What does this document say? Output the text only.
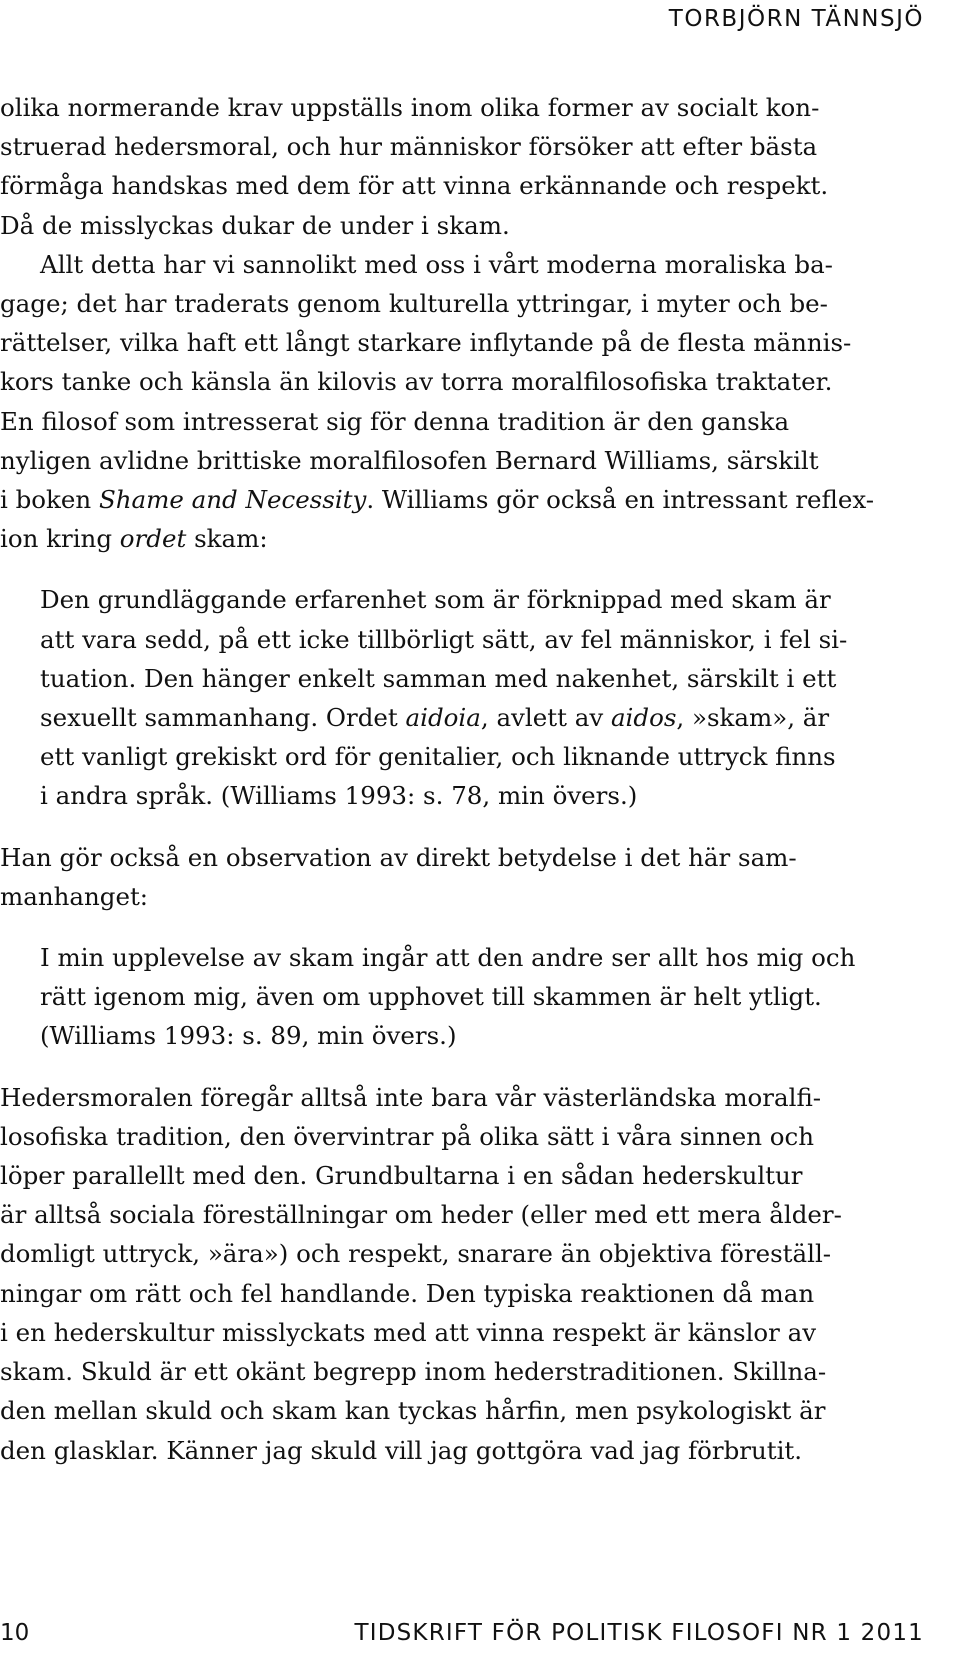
TORBJÖRN TÄNNSJÖ
olika normerande krav uppställs inom olika former av socialt kon-
struerad hedersmoral, och hur människor försöker att efter bästa
förmåga handskas med dem för att vinna erkännande och respekt.
Då de misslyckas dukar de under i skam.
Allt detta har vi sannolikt med oss i vårt moderna moraliska ba-
gage; det har traderats genom kulturella yttringar, i myter och be-
rättelser, vilka haft ett långt starkare inflytande på de flesta männis-
kors tanke och känsla än kilovis av torra moralfilosofiska traktater.
En filosof som intresserat sig för denna tradition är den ganska
nyligen avlidne brittiske moralfilosofen Bernard Williams, särskilt
i boken Shame and Necessity. Williams gör också en intressant reflex-
ion kring ordet skam:
Den grundläggande erfarenhet som är förknippad med skam är
att vara sedd, på ett icke tillbörligt sätt, av fel människor, i fel si-
tuation. Den hänger enkelt samman med nakenhet, särskilt i ett
sexuellt sammanhang. Ordet aidoia, avlett av aidos, »skam», är
ett vanligt grekiskt ord för genitalier, och liknande uttryck finns
i andra språk. (Williams 1993: s. 78, min övers.)
Han gör också en observation av direkt betydelse i det här sam-
manhanget:
I min upplevelse av skam ingår att den andre ser allt hos mig och
rätt igenom mig, även om upphovet till skammen är helt ytligt.
(Williams 1993: s. 89, min övers.)
Hedersmoralen föregår alltså inte bara vår västerländska moralfi-
losofiska tradition, den övervintrar på olika sätt i våra sinnen och
löper parallellt med den. Grundbultarna i en sådan hederskultur
är alltså sociala föreställningar om heder (eller med ett mera ålder-
domligt uttryck, »ära») och respekt, snarare än objektiva föreställ-
ningar om rätt och fel handlande. Den typiska reaktionen då man
i en hederskultur misslyckats med att vinna respekt är känslor av
skam. Skuld är ett okänt begrepp inom hederstraditionen. Skillna-
den mellan skuld och skam kan tyckas hårfin, men psykologiskt är
den glasklar. Känner jag skuld vill jag gottgöra vad jag förbrutit.
10	TIDSKRIFT FÖR POLITISK FILOSOFI NR 1 2011
